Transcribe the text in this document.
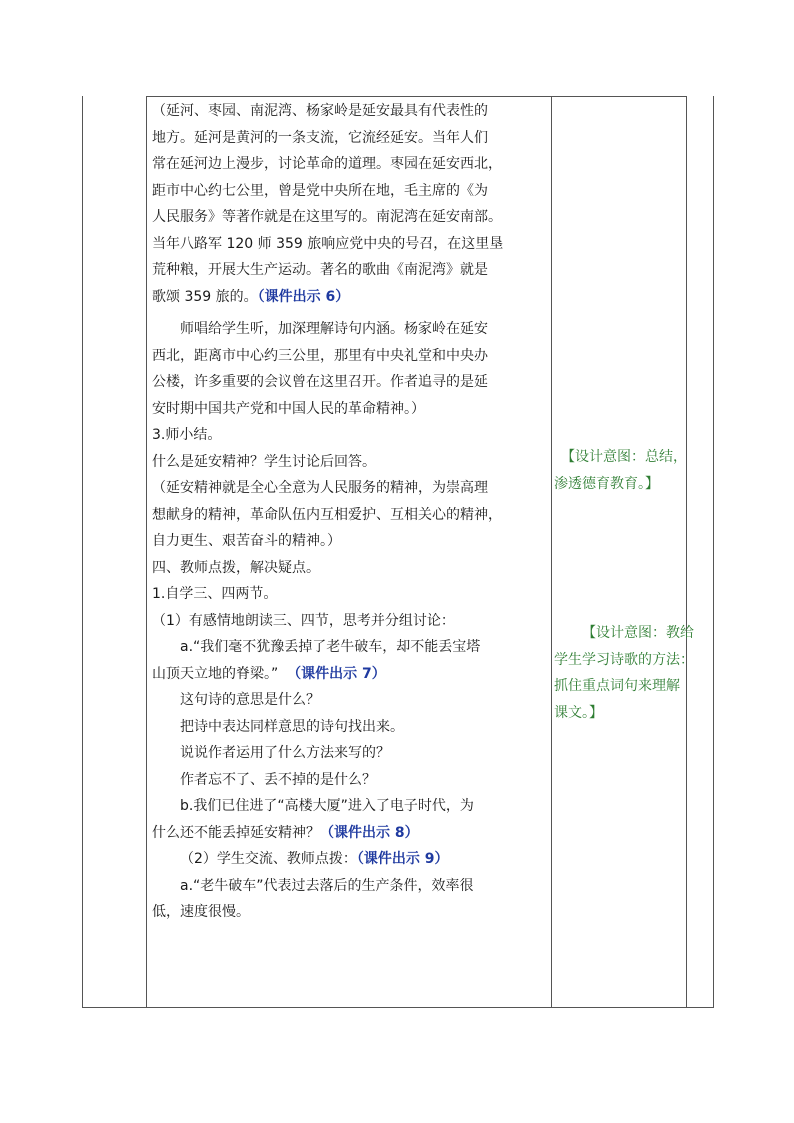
（延河、枣园、南泥湾、杨家岭是延安最具有代表性的

地方。延河是黄河的一条支流，它流经延安。当年人们

常在延河边上漫步，讨论革命的道理。枣园在延安西北，

距市中心约七公里，曾是党中央所在地，毛主席的《为

人民服务》等著作就是在这里写的。南泥湾在延安南部。

当年八路军 120 师 359 旅响应党中央的号召，在这里垦

荒种粮，开展大生产运动。著名的歌曲《南泥湾》就是

歌颂 359 旅的。（课件出示 6）

师唱给学生听，加深理解诗句内涵。杨家岭在延安

西北，距离市中心约三公里，那里有中央礼堂和中央办

公楼，许多重要的会议曾在这里召开。作者追寻的是延

安时期中国共产党和中国人民的革命精神。）

3.师小结。

什么是延安精神？学生讨论后回答。

（延安精神就是全心全意为人民服务的精神，为崇高理

想献身的精神，革命队伍内互相爱护、互相关心的精神，

自力更生、艰苦奋斗的精神。）

四、教师点拨，解决疑点。

1.自学三、四两节。

（1）有感情地朗读三、四节，思考并分组讨论：

a.“我们毫不犹豫丢掉了老牛破车，却不能丢宝塔

山顶天立地的脊梁。” （课件出示 7）

这句诗的意思是什么？

把诗中表达同样意思的诗句找出来。

说说作者运用了什么方法来写的？

作者忘不了、丢不掉的是什么？

b.我们已住进了“高楼大厦”进入了电子时代，为

什么还不能丢掉延安精神？（课件出示 8）

（2）学生交流、教师点拨：（课件出示 9）

a.“老牛破车”代表过去落后的生产条件，效率很

低，速度很慢。

【设计意图：总结，

渗透德育教育。】

【设计意图：教给

学生学习诗歌的方法：

抓住重点词句来理解

课文。】
